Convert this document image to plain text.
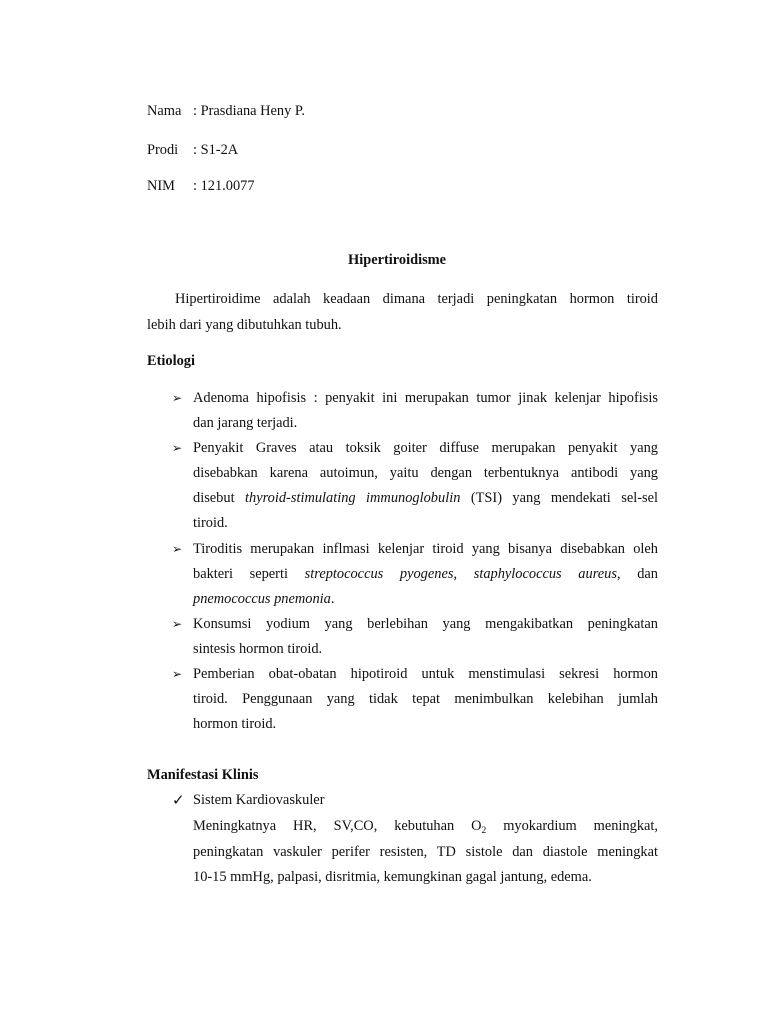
Nama : Prasdiana Heny P.
Prodi : S1-2A
NIM : 121.0077
Hipertiroidisme
Hipertiroidime adalah keadaan dimana terjadi peningkatan hormon tiroid
lebih dari yang dibutuhkan tubuh.
Etiologi
➢ Adenoma hipofisis : penyakit ini merupakan tumor jinak kelenjar hipofisis
dan jarang terjadi.
➢ Penyakit Graves atau toksik goiter diffuse merupakan penyakit yang
disebabkan karena autoimun, yaitu dengan terbentuknya antibodi yang
disebut thyroid-stimulating immunoglobulin (TSI) yang mendekati sel-sel
tiroid.
➢ Tiroditis merupakan inflmasi kelenjar tiroid yang bisanya disebabkan oleh
bakteri seperti streptococcus pyogenes, staphylococcus aureus, dan
pnemococcus pnemonia.
➢ Konsumsi yodium yang berlebihan yang mengakibatkan peningkatan
sintesis hormon tiroid.
➢ Pemberian obat-obatan hipotiroid untuk menstimulasi sekresi hormon
tiroid. Penggunaan yang tidak tepat menimbulkan kelebihan jumlah
hormon tiroid.
Manifestasi Klinis
✓ Sistem Kardiovaskuler
Meningkatnya HR, SV,CO, kebutuhan $O_2$ myokardium meningkat,
peningkatan vaskuler perifer resisten, TD sistole dan diastole meningkat
10-15 mmHg, palpasi, disritmia, kemungkinan gagal jantung, edema.
